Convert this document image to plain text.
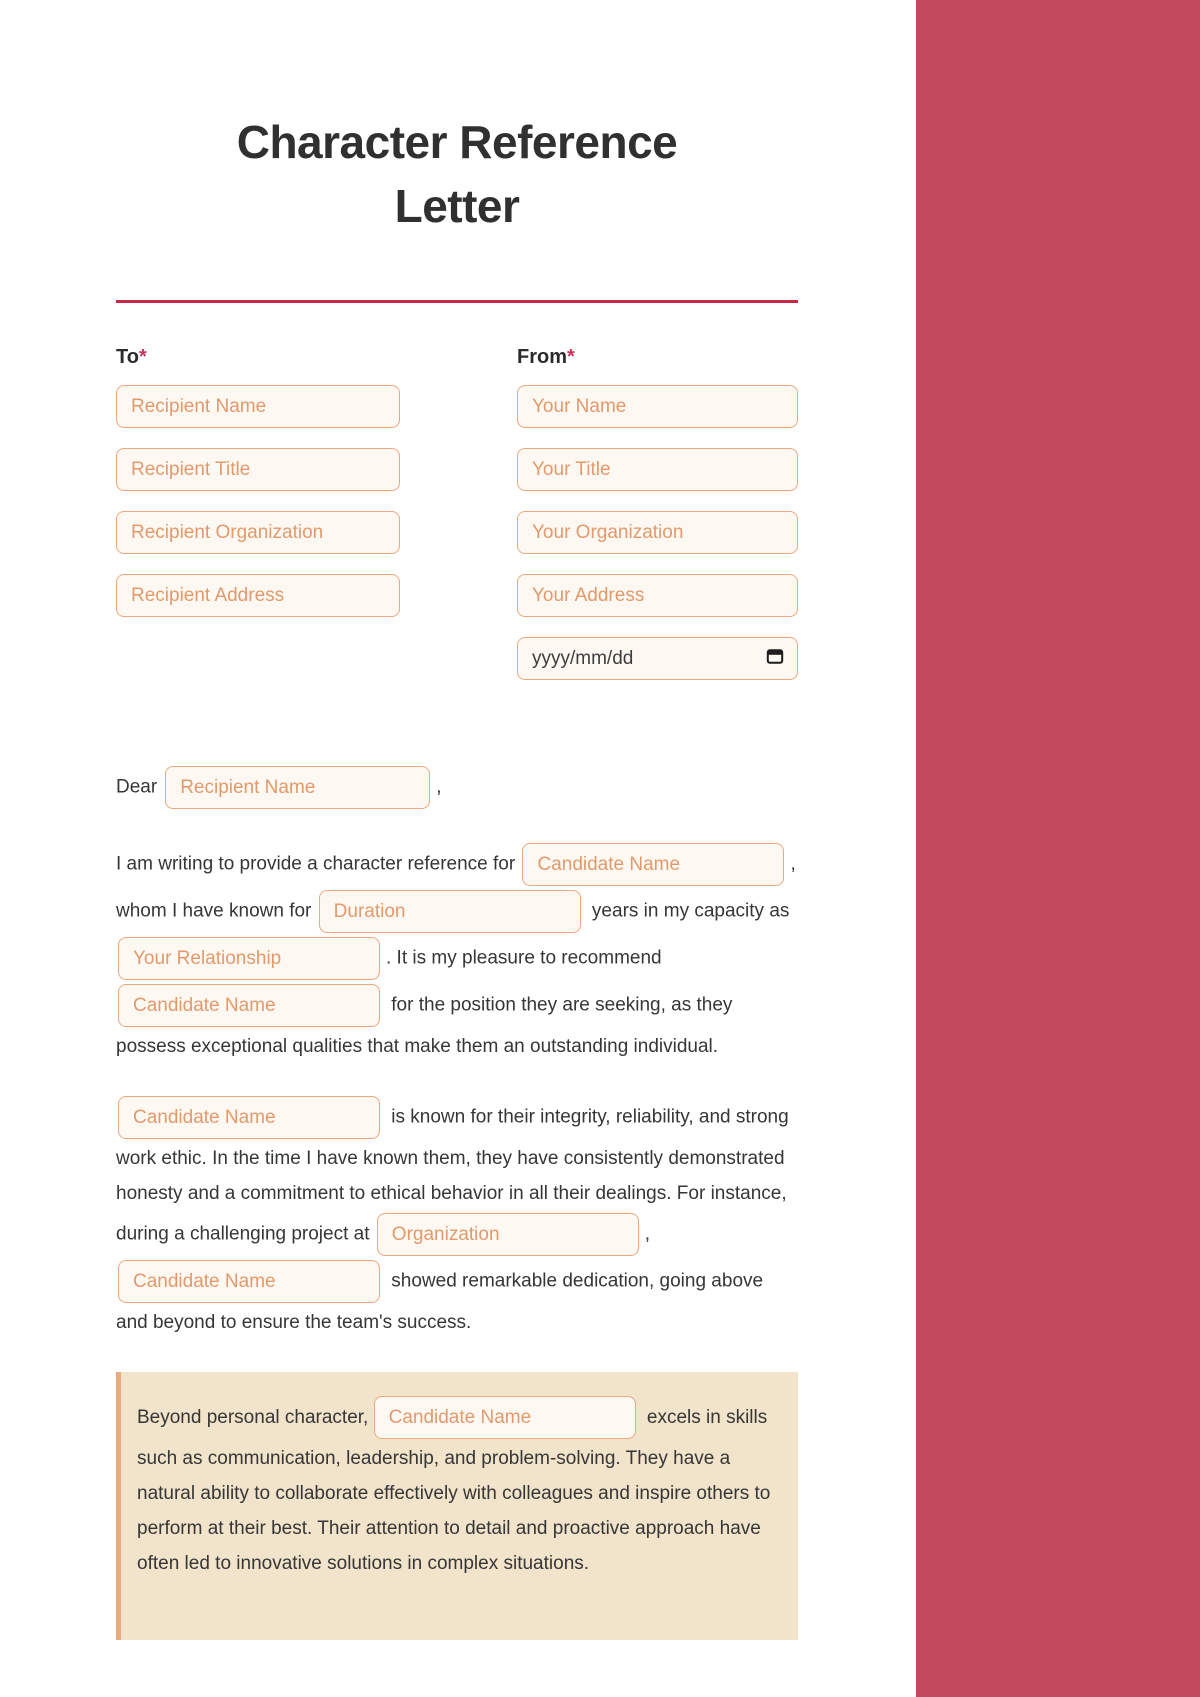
Character Reference
Letter
To*
Recipient Name
Recipient Title
Recipient Organization
Recipient Address	From*
Your Name
Your Title
Your Organization
Your Address
yyyy/mm/dd
DearRecipient Name	,

I am writing to provide a character reference for Candidate Name	, whom I have known for Duration	years in my capacity as Your Relationship. It is my pleasure to recommend Candidate Name for the position they are seeking, as they possess exceptional qualities that make them an outstanding individual.

Candidate Name is known for their integrity, reliability, and strong work ethic. In the time I have known them, they have consistently demonstrated honesty and a commitment to ethical behavior in all their dealings. For instance, during a challenging project at Organization	, Candidate Name showed remarkable dedication, going above and beyond to ensure the team's success.

Beyond personal character, Candidate Name	excels in skills such as communication, leadership, and problem-solving. They have a natural ability to collaborate effectively with colleagues and inspire others to perform at their best. Their attention to detail and proactive approach have often led to innovative solutions in complex situations.
